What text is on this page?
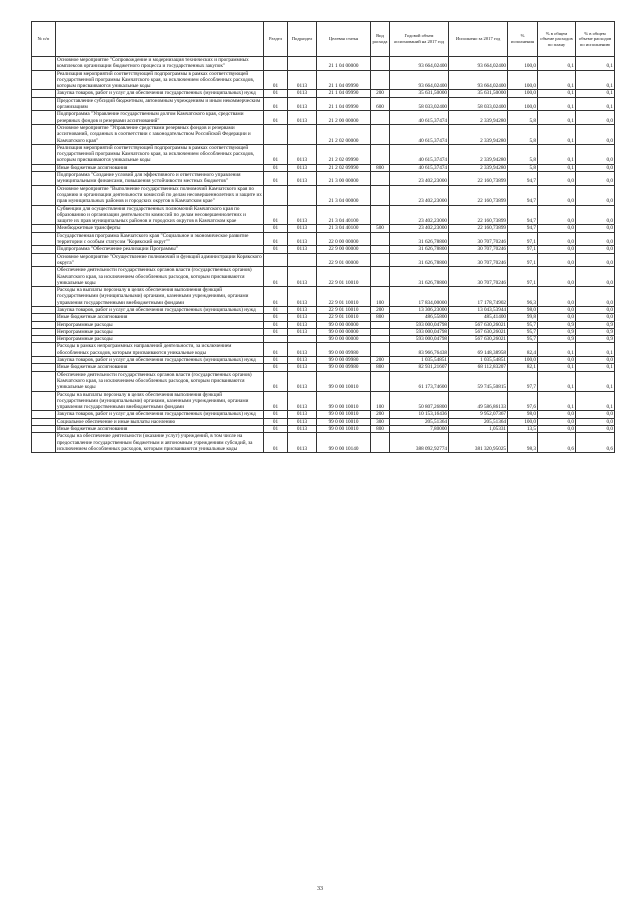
№ п/п		Раздел	Подраздел	Целевая статья	Вид расхода	Годовой объем ассигнований на 2017 год	Исполнено за 2017 год	% исполнения	% в общем объеме расходов по плану	% в общем объеме расходов по исполнению
	Основное мероприятие "Сопровождение и модернизация технических и программных комплексов организации бюджетного процесса и государственных закупок"			21 1 04 00000		93 664,02400	93 664,02400	100,0	0,1	0,1
	Реализация мероприятий соответствующей подпрограммы в рамках соответствующей государственной программы Камчатского края, за исключением обособленных расходов, которым присваиваются уникальные коды	01	0113	21 1 04 09990		93 664,02400	93 664,02400	100,0	0,1	0,1
	Закупка товаров, работ и услуг для обеспечения государственных (муниципальных) нужд	01	0113	21 1 04 09990	200	35 631,50000	35 631,50000	100,0	0,1	0,1
	Предоставление субсидий бюджетным, автономным учреждениям и иным некоммерческим организациям	01	0113	21 1 04 09990	600	58 033,02400	58 033,02400	100,0	0,1	0,1
	Подпрограмма "Управление государственным долгом Камчатского края, средствами резервных фондов и резервами ассигнований"	01	0113	21 2 00 00000		40 615,37474	2 339,94280	5,8	0,1	0,0
	Основное мероприятие "Управление средствами резервных фондов и резервами ассигнований, созданных в соответствии с законодательством Российской Федерации и Камчатского края"			21 2 02 00000		40 615,37474	2 339,94280	5,8	0,1	0,0
	Реализация мероприятий соответствующей подпрограммы в рамках соответствующей государственной программы Камчатского края, за исключением обособленных расходов, которым присваиваются уникальные коды	01	0113	21 2 02 09990		40 615,37474	2 339,94280	5,8	0,1	0,0
	Иные бюджетные ассигнования	01	0113	21 2 02 09990	800	40 615,37474	2 339,94280	5,8	0,1	0,0
	Подпрограмма "Создание условий для эффективного и ответственного управления муниципальными финансами, повышения устойчивости местных бюджетов"	01	0113	21 3 00 00000		23 402,23000	22 160,73899	94,7	0,0	0,0
	Основное мероприятие "Выполнение государственных полномочий Камчатского края по созданию и организации деятельности комиссий по делам несовершеннолетних и защите их прав муниципальных районов и городских округов в Камчатском крае"			21 3 04 00000		23 402,23000	22 160,73899	94,7	0,0	0,0
	Субвенции для осуществления государственных полномочий Камчатского края по образованию и организации деятельности комиссий по делам несовершеннолетних и защите их прав муниципальных районов и городских округов в Камчатском крае	01	0113	21 3 04 40100		23 402,23000	22 160,73899	94,7	0,0	0,0
	Межбюджетные трансферты	01	0113	21 3 04 40100	500	23 402,23000	22 160,73899	94,7	0,0	0,0
	Государственная программа Камчатского края "Социальное и экономическое развитие территории с особым статусом "Корякский округ""	01	0113	22 0 00 00000		31 626,78800	30 707,70246	97,1	0,0	0,0
	Подпрограмма "Обеспечение реализации Программы"	01	0113	22 9 00 00000		31 626,78800	30 707,70246	97,1	0,0	0,0
	Основное мероприятие "Осуществление полномочий и функций администрации Корякского округа"			22 9 01 00000		31 626,78800	30 707,70246	97,1	0,0	0,0
	Обеспечение деятельности государственных органов власти (государственных органов) Камчатского края, за исключением обособленных расходов, которым присваиваются уникальные коды	01	0113	22 9 01 10010		31 626,78800	30 707,70246	97,1	0,0	0,0
	Расходы на выплаты персоналу в целях обеспечения выполнения функций государственными (муниципальными) органами, казенными учреждениями, органами управления государственными внебюджетными фондами	01	0113	22 9 01 10010	100	17 834,00000	17 178,74902	96,3	0,0	0,0
	Закупка товаров, работ и услуг для обеспечения государственных (муниципальных) нужд	01	0113	22 9 01 10010	200	13 306,23000	13 043,53944	98,0	0,0	0,0
	Иные бюджетные ассигнования	01	0113	22 9 01 10010	800	486,55800	485,41400	99,8	0,0	0,0
	Непрограммные расходы	01	0113	99 0 00 00000		593 000,04798	567 630,26021	95,7	0,9	0,9
	Непрограммные расходы	01	0113	99 0 00 00000		593 000,04798	567 630,26021	95,7	0,9	0,9
	Непрограммные расходы			99 0 00 00000		593 000,04798	567 630,26021	95,7	0,9	0,9
	Расходы в рамках непрограммных направлений деятельности, за исключением обособленных расходов, которым присваиваются уникальные коды	01	0113	99 0 00 09980		83 966,76438	69 148,38958	82,4	0,1	0,1
	Закупка товаров, работ и услуг для обеспечения государственных (муниципальных) нужд	01	0113	99 0 00 09980	200	1 035,54851	1 035,54851	100,0	0,0	0,0
	Иные бюджетные ассигнования	01	0113	99 0 00 09980	800	82 931,21607	68 112,83207	82,1	0,1	0,1
	Обеспечение деятельности государственных органов власти (государственных органов) Камчатского края, за исключением обособленных расходов, которым присваиваются уникальные коды	01	0113	99 0 00 10010		61 173,74600	59 745,50815	97,7	0,1	0,1
	Расходы на выплаты персоналу в целях обеспечения выполнения функций государственными (муниципальными) органами, казенными учреждениями, органами управления государственными внебюджетными фондами	01	0113	99 0 00 10010	100	50 807,26800	49 586,86133	97,6	0,1	0,1
	Закупка товаров, работ и услуг для обеспечения государственных (муниципальных) нужд	01	0113	99 0 00 10010	200	10 153,16436	9 952,07367	98,0	0,0	0,0
	Социальное обеспечение и иные выплаты населению	01	0113	99 0 00 10010	300	205,51364	205,51364	100,0	0,0	0,0
	Иные бюджетные ассигнования	01	0113	99 0 00 10010	800	7,80000	1,05331	13,5	0,0	0,0
	Расходы на обеспечение деятельности (оказание услуг) учреждений, в том числе на предоставление государственным бюджетным и автономным учреждениям субсидий, за исключением обособленных расходов, которым присваиваются уникальные коды	01	0113	99 0 00 10140		388 092,92774	381 320,95025	98,3	0,6	0,6
33
